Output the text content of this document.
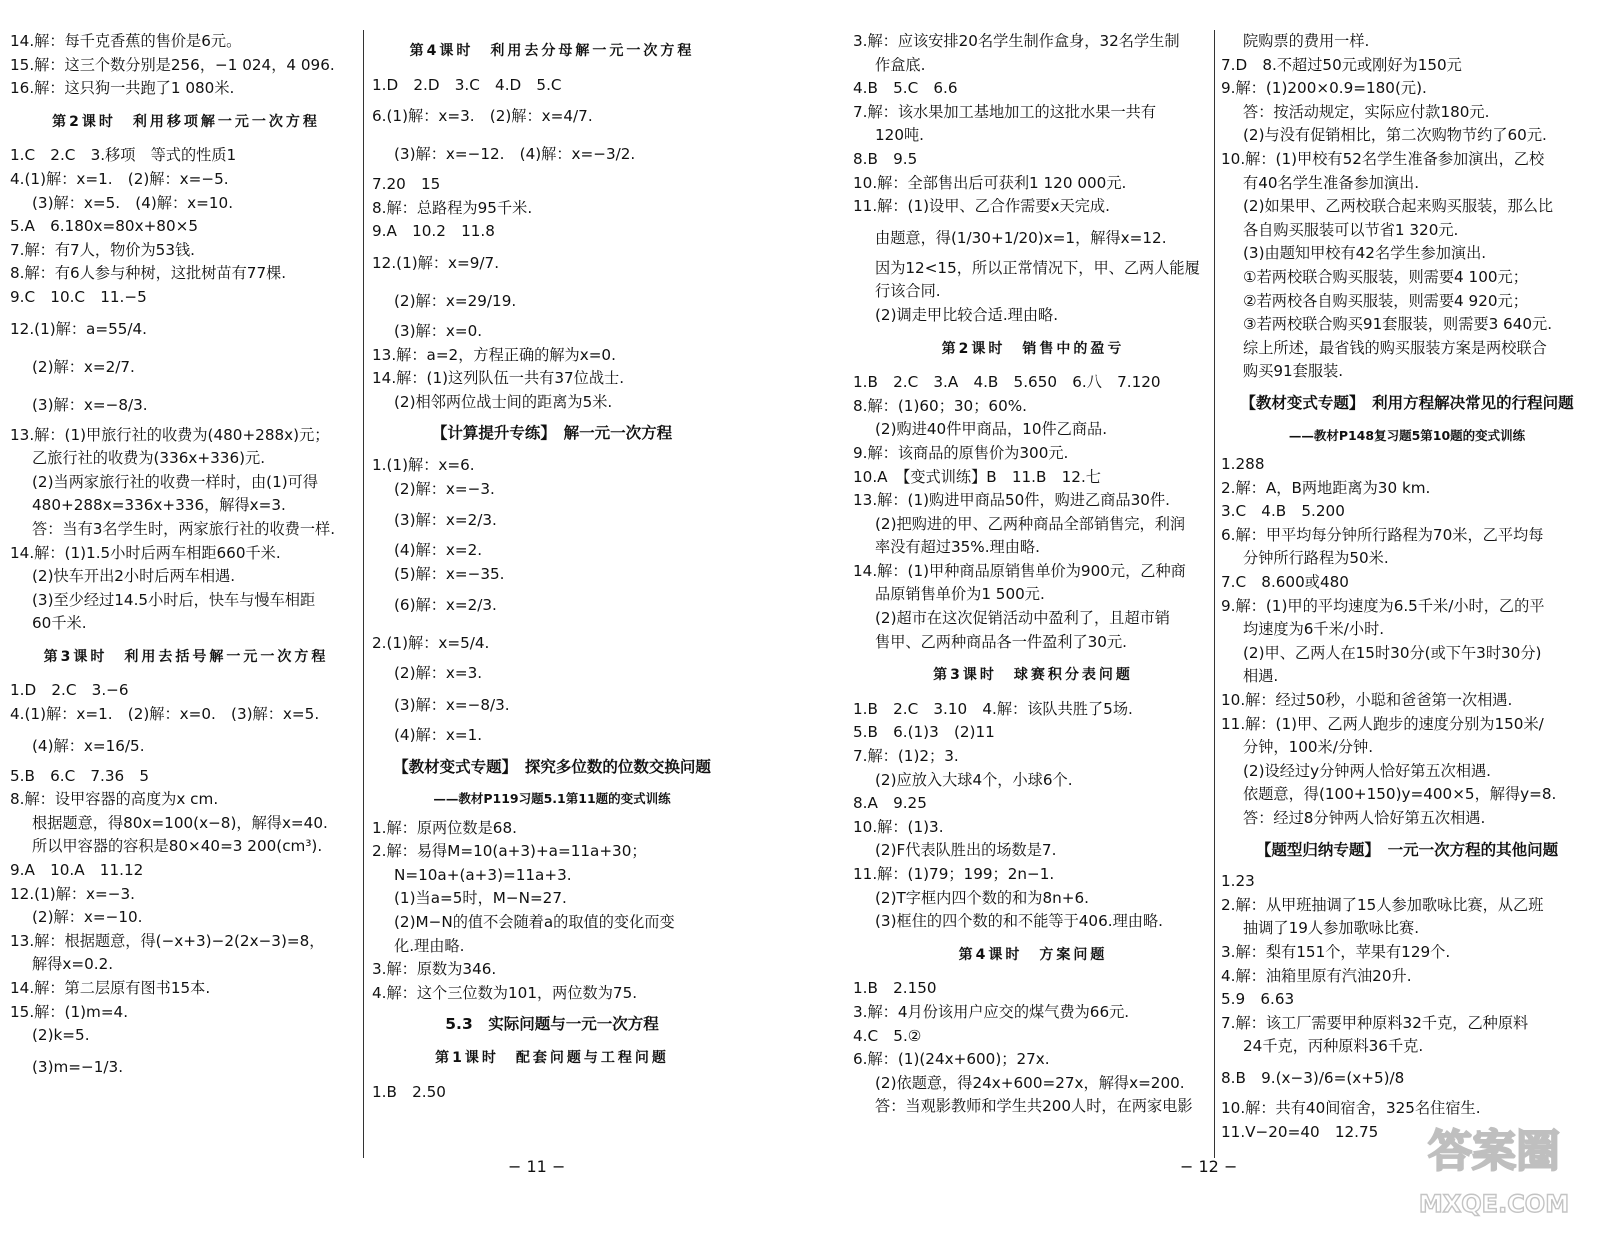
14.解：每千克香蕉的售价是6元。
15.解：这三个数分别是256，−1 024，4 096.
16.解：这只狗一共跑了1 080米.
第2课时　利用移项解一元一次方程
1.C　2.C　3.移项　等式的性质1
4.(1)解：x=1.　(2)解：x=−5.
(3)解：x=5.　(4)解：x=10.
5.A　6.180x=80x+80×5
7.解：有7人，物价为53钱.
8.解：有6人参与种树，这批树苗有77棵.
9.C　10.C　11.−5
12.(1)解：a=55/4.
(2)解：x=2/7.
(3)解：x=−8/3.
13.解：(1)甲旅行社的收费为(480+288x)元；
乙旅行社的收费为(336x+336)元.
(2)当两家旅行社的收费一样时，由(1)可得
480+288x=336x+336，解得x=3.
答：当有3名学生时，两家旅行社的收费一样.
14.解：(1)1.5小时后两车相距660千米.
(2)快车开出2小时后两车相遇.
(3)至少经过14.5小时后，快车与慢车相距
60千米.
第3课时　利用去括号解一元一次方程
1.D　2.C　3.−6
4.(1)解：x=1.　(2)解：x=0.　(3)解：x=5.
(4)解：x=16/5.
5.B　6.C　7.36　5
8.解：设甲容器的高度为x cm.
根据题意，得80x=100(x−8)，解得x=40.
所以甲容器的容积是80×40=3 200(cm³).
9.A　10.A　11.12
12.(1)解：x=−3.
(2)解：x=−10.
13.解：根据题意，得(−x+3)−2(2x−3)=8，
解得x=0.2.
14.解：第二层原有图书15本.
15.解：(1)m=4.
(2)k=5.
(3)m=−1/3.
第4课时　利用去分母解一元一次方程
1.D　2.D　3.C　4.D　5.C
6.(1)解：x=3.　(2)解：x=4/7.
(3)解：x=−12.　(4)解：x=−3/2.
7.20　15
8.解：总路程为95千米.
9.A　10.2　11.8
12.(1)解：x=9/7.
(2)解：x=29/19.
(3)解：x=0.
13.解：a=2，方程正确的解为x=0.
14.解：(1)这列队伍一共有37位战士.
(2)相邻两位战士间的距离为5米.
【计算提升专练】　解一元一次方程
1.(1)解：x=6.
(2)解：x=−3.
(3)解：x=2/3.
(4)解：x=2.
(5)解：x=−35.
(6)解：x=2/3.
2.(1)解：x=5/4.
(2)解：x=3.
(3)解：x=−8/3.
(4)解：x=1.
【教材变式专题】　探究多位数的位数交换问题
——教材P119习题5.1第11题的变式训练
1.解：原两位数是68.
2.解：易得M=10(a+3)+a=11a+30；
N=10a+(a+3)=11a+3.
(1)当a=5时，M−N=27.
(2)M−N的值不会随着a的取值的变化而变
化.理由略.
3.解：原数为346.
4.解：这个三位数为101，两位数为75.
5.3　实际问题与一元一次方程
第1课时　配套问题与工程问题
1.B　2.50
3.解：应该安排20名学生制作盒身，32名学生制
作盒底.
4.B　5.C　6.6
7.解：该水果加工基地加工的这批水果一共有
120吨.
8.B　9.5
10.解：全部售出后可获利1 120 000元.
11.解：(1)设甲、乙合作需要x天完成.
由题意，得(1/30+1/20)x=1，解得x=12.
因为12<15，所以正常情况下，甲、乙两人能履
行该合同.
(2)调走甲比较合适.理由略.
第2课时　销售中的盈亏
1.B　2.C　3.A　4.B　5.650　6.八　7.120
8.解：(1)60；30；60%.
(2)购进40件甲商品，10件乙商品.
9.解：该商品的原售价为300元.
10.A　【变式训练】B　11.B　12.七
13.解：(1)购进甲商品50件，购进乙商品30件.
(2)把购进的甲、乙两种商品全部销售完，利润
率没有超过35%.理由略.
14.解：(1)甲种商品原销售单价为900元，乙种商
品原销售单价为1 500元.
(2)超市在这次促销活动中盈利了，且超市销
售甲、乙两种商品各一件盈利了30元.
第3课时　球赛积分表问题
1.B　2.C　3.10　4.解：该队共胜了5场.
5.B　6.(1)3　(2)11
7.解：(1)2；3.
(2)应放入大球4个，小球6个.
8.A　9.25
10.解：(1)3.
(2)F代表队胜出的场数是7.
11.解：(1)79；199；2n−1.
(2)T字框内四个数的和为8n+6.
(3)框住的四个数的和不能等于406.理由略.
第4课时　方案问题
1.B　2.150
3.解：4月份该用户应交的煤气费为66元.
4.C　5.②
6.解：(1)(24x+600)；27x.
(2)依题意，得24x+600=27x，解得x=200.
答：当观影教师和学生共200人时，在两家电影
院购票的费用一样.
7.D　8.不超过50元或刚好为150元
9.解：(1)200×0.9=180(元).
答：按活动规定，实际应付款180元.
(2)与没有促销相比，第二次购物节约了60元.
10.解：(1)甲校有52名学生准备参加演出，乙校
有40名学生准备参加演出.
(2)如果甲、乙两校联合起来购买服装，那么比
各自购买服装可以节省1 320元.
(3)由题知甲校有42名学生参加演出.
①若两校联合购买服装，则需要4 100元；
②若两校各自购买服装，则需要4 920元；
③若两校联合购买91套服装，则需要3 640元.
综上所述，最省钱的购买服装方案是两校联合
购买91套服装.
【教材变式专题】　利用方程解决常见的行程问题
——教材P148复习题5第10题的变式训练
1.288
2.解：A，B两地距离为30 km.
3.C　4.B　5.200
6.解：甲平均每分钟所行路程为70米，乙平均每
分钟所行路程为50米.
7.C　8.600或480
9.解：(1)甲的平均速度为6.5千米/小时，乙的平
均速度为6千米/小时.
(2)甲、乙两人在15时30分(或下午3时30分)
相遇.
10.解：经过50秒，小聪和爸爸第一次相遇.
11.解：(1)甲、乙两人跑步的速度分别为150米/
分钟，100米/分钟.
(2)设经过y分钟两人恰好第五次相遇.
依题意，得(100+150)y=400×5，解得y=8.
答：经过8分钟两人恰好第五次相遇.
【题型归纳专题】　一元一次方程的其他问题
1.23
2.解：从甲班抽调了15人参加歌咏比赛，从乙班
抽调了19人参加歌咏比赛.
3.解：梨有151个，苹果有129个.
4.解：油箱里原有汽油20升.
5.9　6.63
7.解：该工厂需要甲种原料32千克，乙种原料
24千克，丙种原料36千克.
8.B　9.(x−3)/6=(x+5)/8
10.解：共有40间宿舍，325名住宿生.
11.V−20=40　12.75
− 11 −	− 12 −	答案圈
MXQE.COM
